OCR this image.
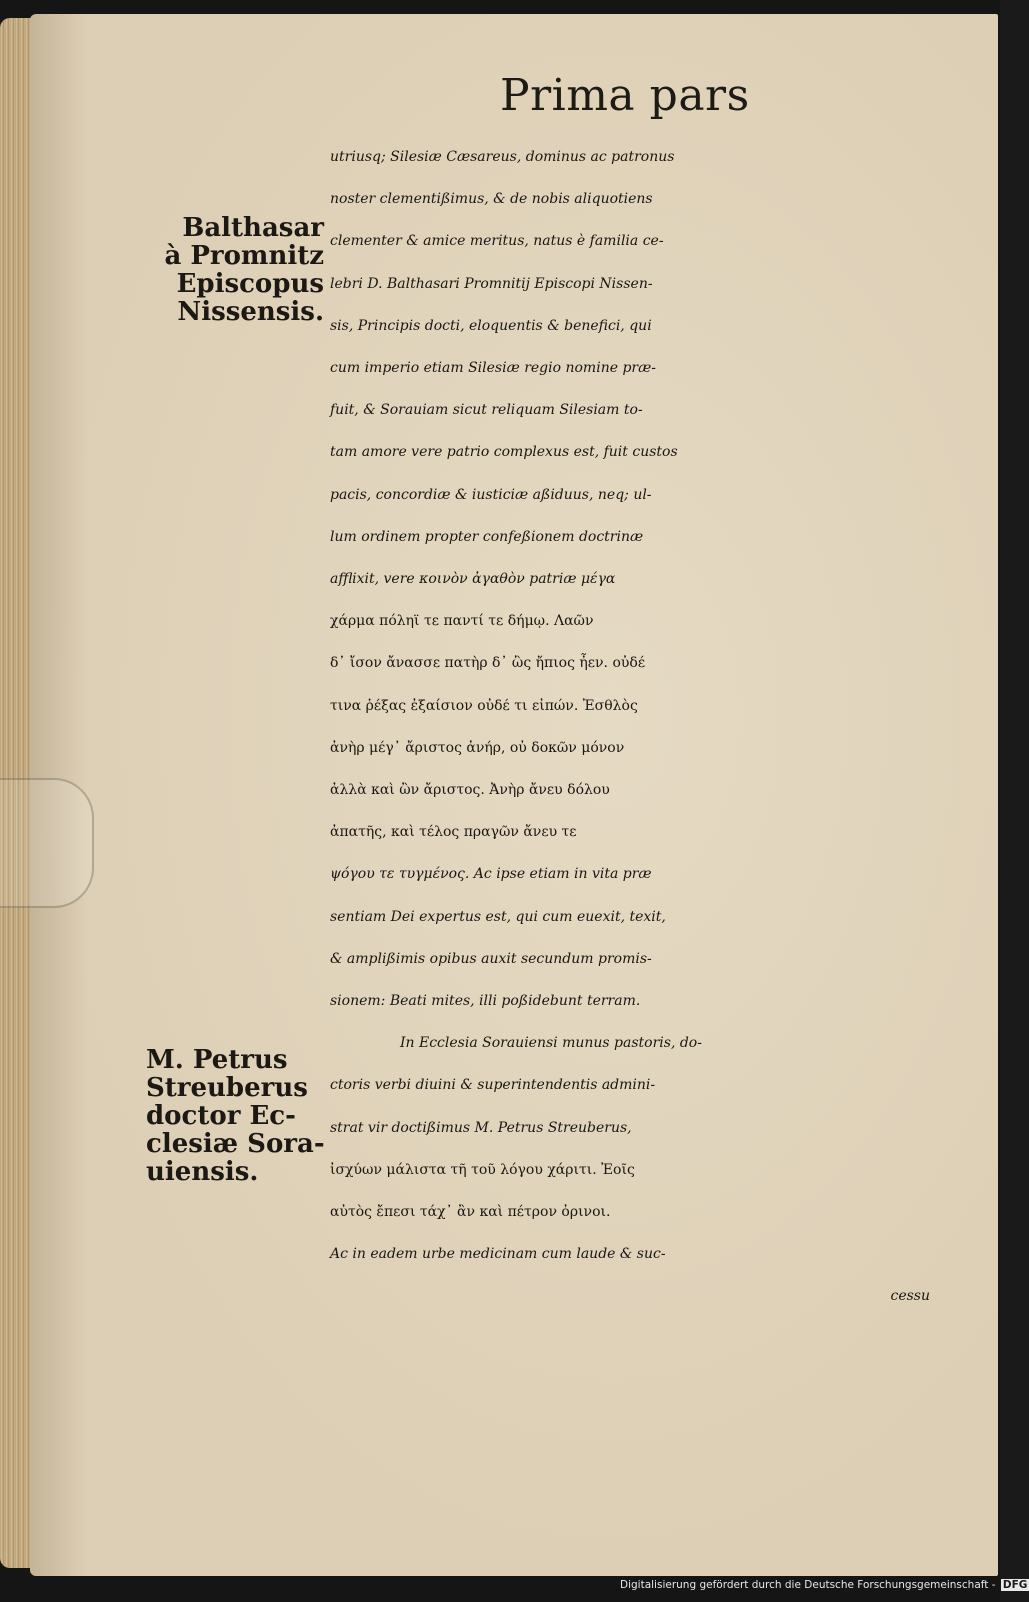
Prima pars
Balthasar
à Promnitz
Episcopus
Nissensis.
M. Petrus
Streuberus
doctor Ec-
clesiæ Sora-
uiensis.
utriusq; Silesiæ Cæsareus, dominus ac patronus
noster clementißimus, & de nobis aliquotiens
clementer & amice meritus, natus è familia ce-
lebri D. Balthasari Promnitij Episcopi Nissen-
sis, Principis docti, eloquentis & benefici, qui
cum imperio etiam Silesiæ regio nomine præ-
fuit, & Sorauiam sicut reliquam Silesiam to-
tam amore vere patrio complexus est, fuit custos
pacis, concordiæ & iusticiæ aßiduus, neq; ul-
lum ordinem propter confeßionem doctrinæ
afflixit, vere κοινὸν ἀγαθὸν patriæ μέγα
χάρμα πόληϊ τε παντί τε δήμῳ. Λαῶν
δ᾽ ἴσον ἄνασσε πατὴρ δ᾽ ὣς ἤπιος ἦεν. οὐδέ
τινα ῥέξας ἐξαίσιον οὐδέ τι εἰπών. Ἐσθλὸς
ἀνὴρ μέγ᾽ ἄριστος ἀνήρ, οὐ δοκῶν μόνον
ἀλλὰ καὶ ὢν ἄριστος. Ἀνὴρ ἄνευ δόλου
ἀπατῆς, καὶ τέλος πραγῶν ἄνευ τε
ψόγου τε τυγμένος. Ac ipse etiam in vita præ
sentiam Dei expertus est, qui cum euexit, texit,
& amplißimis opibus auxit secundum promis-
sionem: Beati mites, illi poßidebunt terram.
In Ecclesia Sorauiensi munus pastoris, do-
ctoris verbi diuini & superintendentis admini-
strat vir doctißimus M. Petrus Streuberus,
ἰσχύων μάλιστα τῆ τοῦ λόγου χάριτι. Ἐοῖς
αὐτὸς ἔπεσι τάχ᾽ ἂν καὶ πέτρον ὀρινοι.
Ac in eadem urbe medicinam cum laude & suc-
cessu
Digitalisierung gefördert durch die Deutsche Forschungsgemeinschaft - DFG
